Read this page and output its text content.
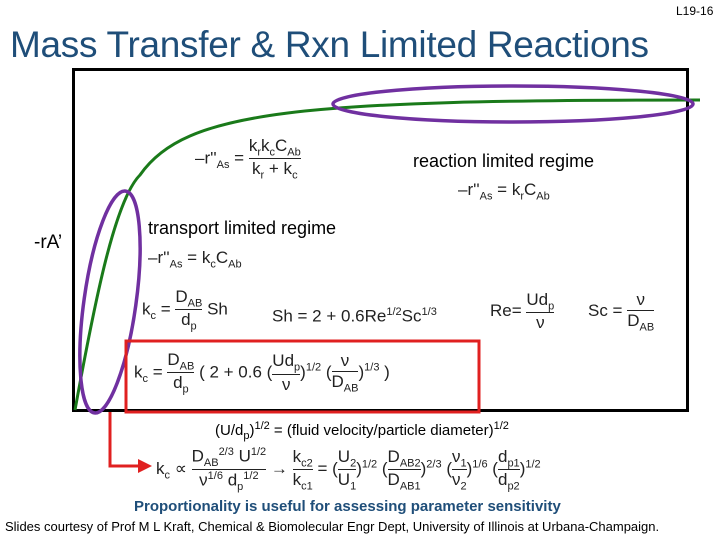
L19-16
Mass Transfer & Rxn Limited Reactions
-rA’
$-r''_{As} = \frac{k_rk_cC_{Ab}}{k_r + k_c}$	reaction limited regime
$-r''_{As} = k_rC_{Ab}$
transport limited regime
$-r''_{As} = k_cC_{Ab}$
$k_c = \frac{D_{AB}}{d_p}$ Sh	$Sh = 2 + 0.6Re^{1/2}Sc^{1/3}$	$Re= \frac{Ud_p}{\nu}$ $Sc = \frac{\nu}{D_{AB}}$
$k_c = \frac{D_{AB}}{d_p}$ ( 2 + 0.6 ( $\frac{Ud_p}{\nu} )^{1/2}$ ( $\frac{\nu}{D_{AB}} )^{1/3}$ )
$(U/d_p)^{1/2}$ = (fluid velocity/particle diameter)$^{1/2}$
$k_c \propto \frac{D_{AB}^{2/3} U^{1/2}}{\nu^{1/6} d_p^{1/2}} \to \frac{k_{c2}}{k_{c1}}$ = ( $\frac{U_2}{U_1} )^{1/2}$ ( $\frac{D_{AB2}}{D_{AB1}} )^{2/3}$ ( $\frac{\nu_1}{\nu_2} )^{1/6}$ ( $\frac{d_{p1}}{d_{p2}} )^{1/2}$
Proportionality is useful for assessing parameter sensitivity
Slides courtesy of Prof M L Kraft, Chemical & Biomolecular Engr Dept, University of Illinois at Urbana-Champaign.
